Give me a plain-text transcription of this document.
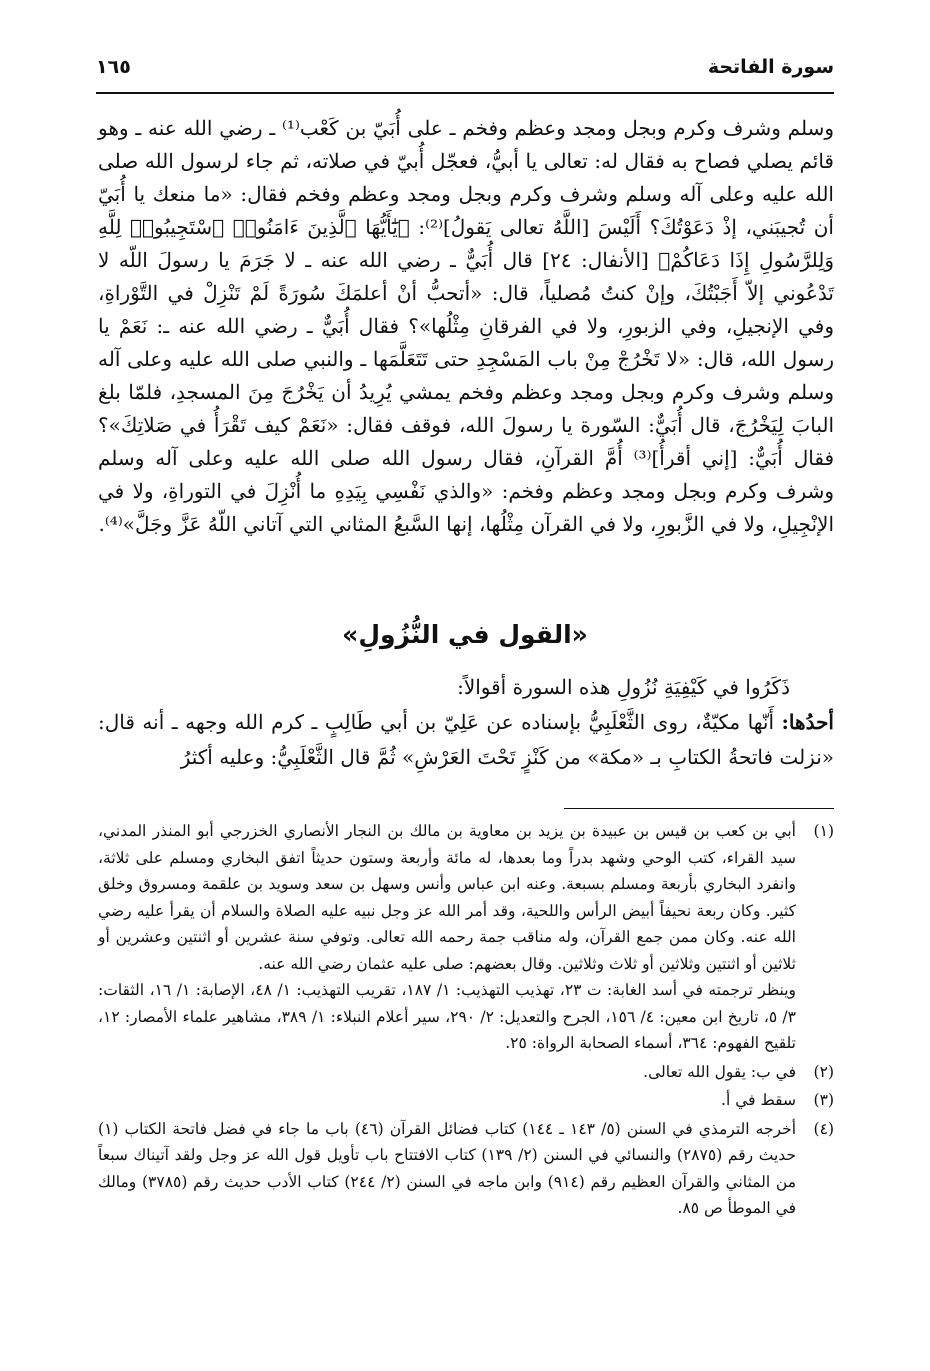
سورة الفاتحة
١٦٥

وسلم وشرف وكرم وبجل ومجد وعظم وفخم ـ على أُبَيّ بن كَعْب⁽¹⁾ ـ رضي الله عنه ـ وهو قائم يصلي فصاح به فقال له: تعالى يا أبيُّ، فعجّل أُبيّ في صلاته، ثم جاء لرسول الله صلى الله عليه وعلى آله وسلم وشرف وكرم وبجل ومجد وعظم وفخم فقال: «ما منعك يا أُبَيّ أن تُجيبَني، إذْ دَعَوْتُكَ؟ أَلَيْسَ [اللَّهُ تعالى يَقولُ]⁽²⁾: ﴿يَٰٓأَيُّهَا ٱلَّذِينَ ءَامَنُوا۟ ٱسْتَجِيبُوا۟ لِلَّهِ وَلِلرَّسُولِ إِذَا دَعَاكُمْ﴾ [الأنفال: ٢٤] قال أُبَيٌّ ـ رضي الله عنه ـ لا جَرَمَ يا رسولَ اللّه لا تَدْعُوني إلاّ أَجَبْتُكَ، وإنْ كنتُ مُصلياً، قال: «أتحبُّ أنْ أعلمَكَ سُورَةً لَمْ تَنْزِلْ في التَّوْراةِ، وفي الإنجيلِ، وفي الزبورِ، ولا في الفرقانِ مِثْلُها»؟ فقال أُبَيٌّ ـ رضي الله عنه ـ: نَعَمْ يا رسول الله، قال: «لا تَخْرُجْ مِنْ باب المَسْجِدِ حتى تَتَعَلَّمَها ـ والنبي صلى الله عليه وعلى آله وسلم وشرف وكرم وبجل ومجد وعظم وفخم يمشي يُرِيدُ أن يَخْرُجَ مِنَ المسجدِ، فلمّا بلغ البابَ لِيَخْرُجَ، قال أُبَيٌّ: السّورة يا رسولَ الله، فوقف فقال: «نَعَمْ كيف تَقْرَأُ في صَلاتِكَ»؟ فقال أُبَيٌّ: [إني أقرأُ]⁽³⁾ أُمَّ القرآنِ، فقال رسول الله صلى الله عليه وعلى آله وسلم وشرف وكرم وبجل ومجد وعظم وفخم: «والذي نَفْسِي بِيَدِهِ ما أُنْزِلَ في التوراةِ، ولا في الإنْجِيلِ، ولا في الزَّبورِ، ولا في القرآن مِثْلُها، إنها السَّبعُ المثاني التي آتاني اللّهُ عَزَّ وجَلَّ»⁽⁴⁾.

«القول في النُّزُولِ»

ذَكَرُوا في كَيْفِيَةِ نُزُولِ هذه السورة أقوالاً:

أحدُها: أَنّها مكيّةٌ، روى الثَّعْلَبِيُّ بإسناده عن عَلِيّ بن أبي طَالِبٍ ـ كرم الله وجهه ـ أنه قال: «نزلت فاتحةُ الكتابِ بـ «مكة» من كَنْزٍ تَحْتَ العَرْشِ» ثُمَّ قال الثَّعْلَبِيُّ: وعليه أكثرُ

(١)

أبي بن كعب بن قيس بن عبيدة بن يزيد بن معاوية بن مالك بن النجار الأنصاري الخزرجي أبو المنذر المدني، سيد القراء، كتب الوحي وشهد بدراً وما بعدها، له مائة وأربعة وستون حديثاً اتفق البخاري ومسلم على ثلاثة، وانفرد البخاري بأربعة ومسلم بسبعة. وعنه ابن عباس وأنس وسهل بن سعد وسويد بن علقمة ومسروق وخلق كثير. وكان ربعة نحيفاً أبيض الرأس واللحية، وقد أمر الله عز وجل نبيه عليه الصلاة والسلام أن يقرأ عليه رضي الله عنه. وكان ممن جمع القرآن، وله مناقب جمة رحمه الله تعالى. وتوفي سنة عشرين أو اثنتين وعشرين أو ثلاثين أو اثنتين وثلاثين أو ثلاث وثلاثين. وقال بعضهم: صلى عليه عثمان رضي الله عنه.

وينظر ترجمته في أسد الغابة: ت ٢٣، تهذيب التهذيب: ١/ ١٨٧، تقريب التهذيب: ١/ ٤٨، الإصابة: ١/ ١٦، الثقات: ٣/ ٥، تاريخ ابن معين: ٤/ ١٥٦، الجرح والتعديل: ٢/ ٢٩٠، سير أعلام النبلاء: ١/ ٣٨٩، مشاهير علماء الأمصار: ١٢، تلقيح الفهوم: ٣٦٤، أسماء الصحابة الرواة: ٢٥.

(٢)

في ب: يقول الله تعالى.

(٣)

سقط في أ.

(٤)

أخرجه الترمذي في السنن (٥/ ١٤٣ ـ ١٤٤) كتاب فضائل القرآن (٤٦) باب ما جاء في فضل فاتحة الكتاب (١) حديث رقم (٢٨٧٥) والنسائي في السنن (٢/ ١٣٩) كتاب الافتتاح باب تأويل قول الله عز وجل ولقد آتيناك سبعاً من المثاني والقرآن العظيم رقم (٩١٤) وابن ماجه في السنن (٢/ ٢٤٤) كتاب الأدب حديث رقم (٣٧٨٥) ومالك في الموطأ ص ٨٥.
